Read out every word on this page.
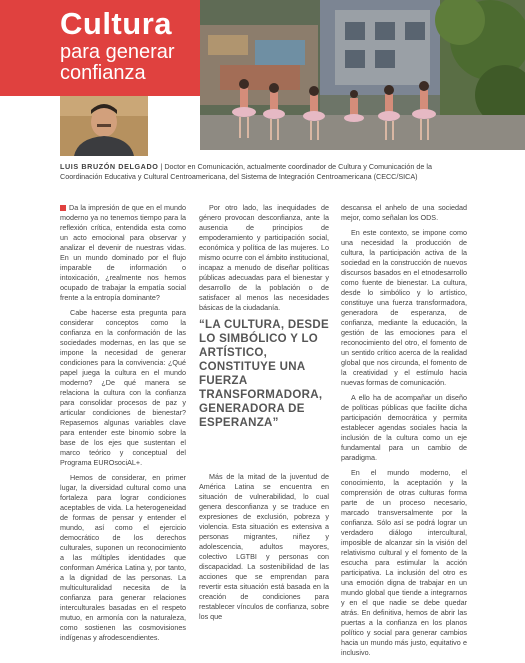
Cultura
para generar
confianza
LUIS BRUZÓN DELGADO | Doctor en Comunicación, actualmente coordinador de Cultura y Comunicación de la Coordinación Educativa y Cultural Centroamericana, del Sistema de Integración Centroamericana (CECC/SICA)

Da la impresión de que en el mundo moderno ya no tenemos tiempo para la reflexión crítica, entendida esta como un acto emocional para observar y analizar el devenir de nuestras vidas. En un mundo dominado por el flujo imparable de información o intoxicación, ¿realmente nos hemos ocupado de trabajar la empatía social frente a la entropía dominante?

Cabe hacerse esta pregunta para considerar conceptos como la confianza en la conformación de las sociedades modernas, en las que se impone la necesidad de generar condiciones para la convivencia: ¿Qué papel juega la cultura en el mundo moderno? ¿De qué manera se relaciona la cultura con la confianza para consolidar procesos de paz y articular condiciones de bienestar? Repasemos algunas variables clave para entender este binomio sobre la base de los ejes que sustentan el marco teórico y conceptual del Programa EUROsociAL+.

Hemos de considerar, en primer lugar, la diversidad cultural como una fortaleza para lograr condiciones aceptables de vida. La heterogeneidad de formas de pensar y entender el mundo, así como el ejercicio democrático de los derechos culturales, suponen un reconocimiento a las múltiples identidades que conforman América Latina y, por tanto, a la dignidad de las personas. La multiculturalidad necesita de la confianza para generar relaciones interculturales basadas en el respeto mutuo, en armonía con la naturaleza, como sostienen las cosmovisiones indígenas y afrodescendientes.

Por otro lado, las inequidades de género provocan desconfianza, ante la ausencia de principios de empoderamiento y participación social, económica y política de las mujeres. Lo mismo ocurre con el ámbito institucional, incapaz a menudo de diseñar políticas públicas adecuadas para el bienestar y desarrollo de la población o de satisfacer al menos las necesidades básicas de la ciudadanía.

“LA CULTURA, DESDE LO SIMBÓLICO Y LO ARTÍSTICO, CONSTITUYE UNA FUERZA TRANSFORMADORA, GENERADORA DE ESPERANZA”

Más de la mitad de la juventud de América Latina se encuentra en situación de vulnerabilidad, lo cual genera desconfianza y se traduce en expresiones de exclusión, pobreza y violencia. Esta situación es extensiva a personas migrantes, niñez y adolescencia, adultos mayores, colectivo LGTBI y personas con discapacidad. La sostenibilidad de las acciones que se emprendan para revertir esta situación está basada en la creación de condiciones para restablecer vínculos de confianza, sobre los que

descansa el anhelo de una sociedad mejor, como señalan los ODS.

En este contexto, se impone como una necesidad la producción de cultura, la participación activa de la sociedad en la construcción de nuevos discursos basados en el etnodesarrollo como fuente de bienestar. La cultura, desde lo simbólico y lo artístico, constituye una fuerza transformadora, generadora de esperanza, de confianza, mediante la educación, la gestión de las emociones para el reconocimiento del otro, el fomento de un sentido crítico acerca de la realidad global que nos circunda, el fomento de la creatividad y el estímulo hacia nuevas formas de comunicación.

A ello ha de acompañar un diseño de políticas públicas que facilite dicha participación democrática y permita establecer agendas sociales hacia la inclusión de la cultura como un eje fundamental para un cambio de paradigma.

En el mundo moderno, el conocimiento, la aceptación y la comprensión de otras culturas forma parte de un proceso necesario, marcado transversalmente por la confianza. Sólo así se podrá lograr un verdadero diálogo intercultural, imposible de alcanzar sin la visión del relativismo cultural y el fomento de la escucha para estimular la acción participativa. La inclusión del otro es una emoción digna de trabajar en un mundo global que tiende a integrarnos y en el que nadie se debe quedar atrás. En definitiva, hemos de abrir las puertas a la confianza en los planos político y social para generar cambios hacia un mundo más justo, equitativo e inclusivo.
